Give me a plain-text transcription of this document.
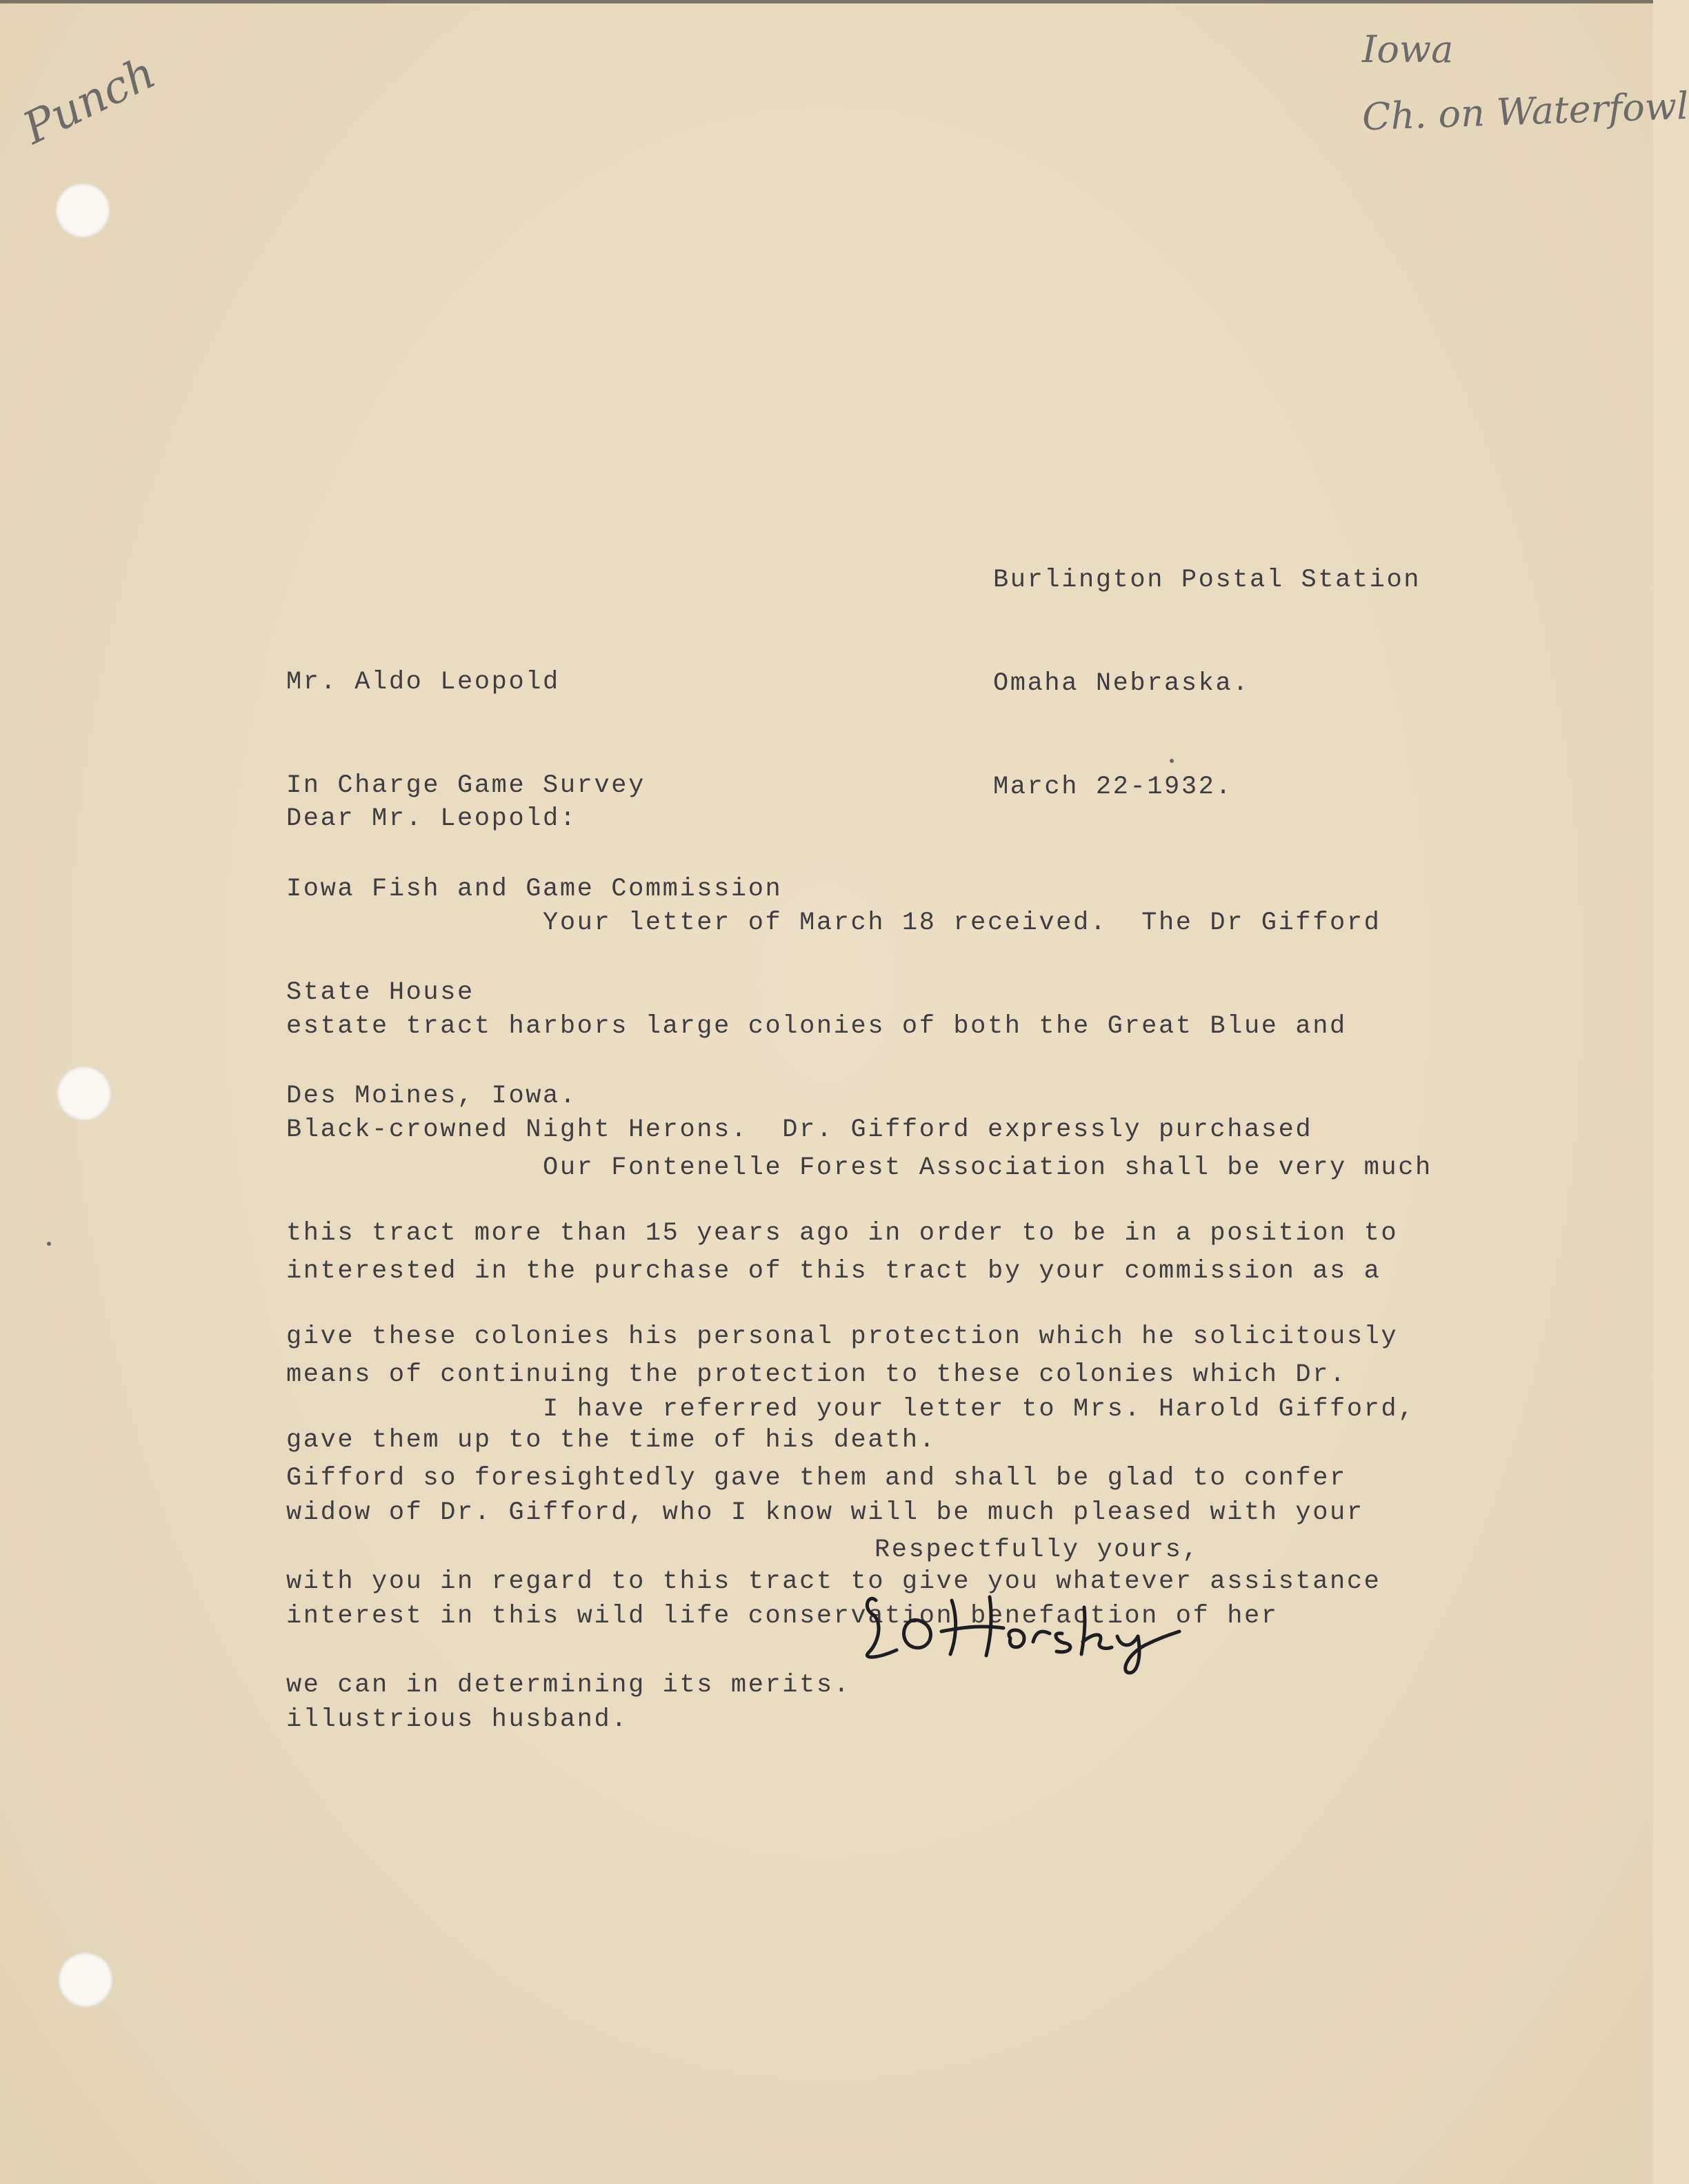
Punch	Iowa
Ch. on Waterfowl

Burlington Postal Station

Omaha Nebraska.

March 22-1932.

Mr. Aldo Leopold

In Charge Game Survey

Iowa Fish and Game Commission

State House

Des Moines, Iowa.

Dear Mr. Leopold:

Your letter of March 18 received.  The Dr Gifford

estate tract harbors large colonies of both the Great Blue and

Black-crowned Night Herons.  Dr. Gifford expressly purchased

this tract more than 15 years ago in order to be in a position to

give these colonies his personal protection which he solicitously

gave them up to the time of his death.

Our Fontenelle Forest Association shall be very much

interested in the purchase of this tract by your commission as a

means of continuing the protection to these colonies which Dr.

Gifford so foresightedly gave them and shall be glad to confer

with you in regard to this tract to give you whatever assistance

we can in determining its merits.

I have referred your letter to Mrs. Harold Gifford,

widow of Dr. Gifford, who I know will be much pleased with your

interest in this wild life conservation benefaction of her

illustrious husband.

Respectfully yours,
